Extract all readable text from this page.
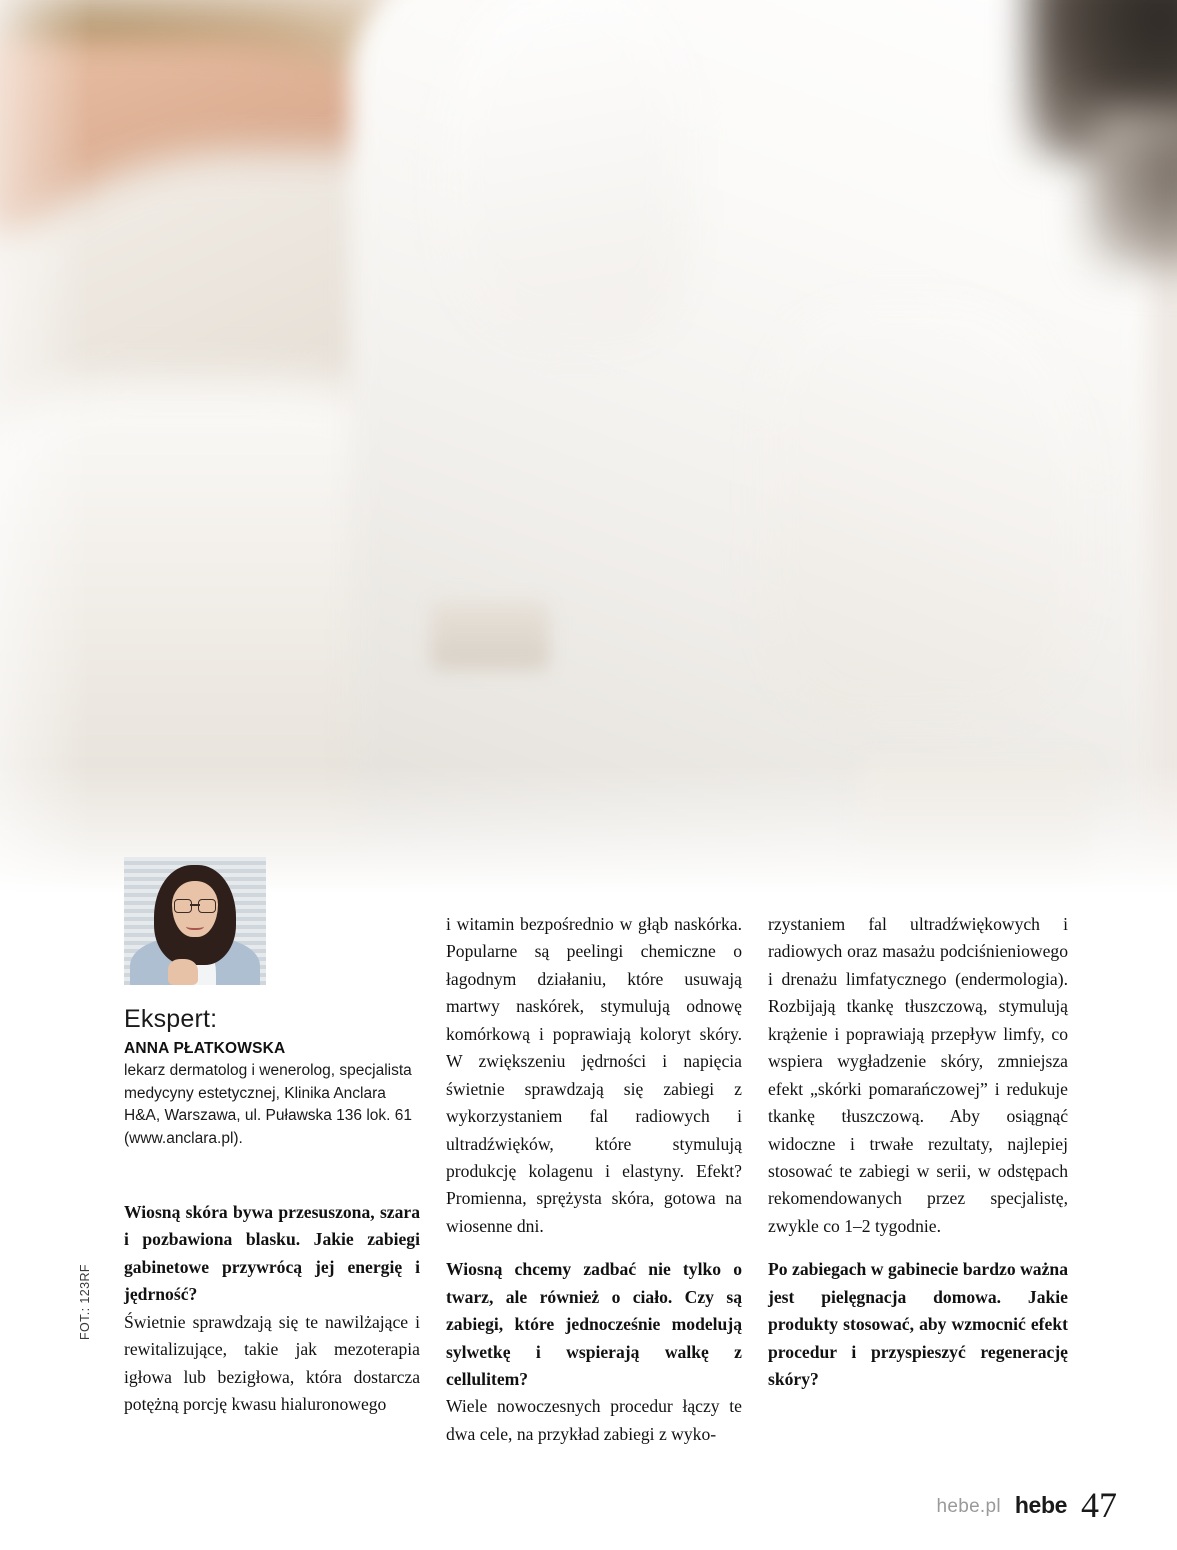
Ekspert:
ANNA PŁATKOWSKA
lekarz dermatolog i wenerolog, specjalista medycyny estetycznej, Klinika Anclara H&A, Warszawa, ul. Puławska 136 lok. 61 (www.anclara.pl).

Wiosną skóra bywa przesuszona, szara i pozbawiona blasku. Jakie zabiegi gabinetowe przywrócą jej energię i jędrność?
Świetnie sprawdzają się te nawilżające i rewitalizujące, takie jak mezoterapia igłowa lub bezigłowa, która dostarcza potężną porcję kwasu hialuronowego

i witamin bezpośrednio w głąb naskórka. Popularne są peelingi chemiczne o łagodnym działaniu, które usuwają martwy naskórek, stymulują odnowę komórkową i poprawiają koloryt skóry. W zwiększeniu jędrności i napięcia świetnie sprawdzają się zabiegi z wykorzystaniem fal radiowych i ultradźwięków, które stymulują produkcję kolagenu i elastyny. Efekt? Promienna, sprężysta skóra, gotowa na wiosenne dni.

Wiosną chcemy zadbać nie tylko o twarz, ale również o ciało. Czy są zabiegi, które jednocześnie modelują sylwetkę i wspierają walkę z cellulitem?
Wiele nowoczesnych procedur łączy te dwa cele, na przykład zabiegi z wyko-

rzystaniem fal ultradźwiękowych i radiowych oraz masażu podciśnieniowego i drenażu limfatycznego (endermologia). Rozbijają tkankę tłuszczową, stymulują krążenie i poprawiają przepływ limfy, co wspiera wygładzenie skóry, zmniejsza efekt „skórki pomarańczowej” i redukuje tkankę tłuszczową. Aby osiągnąć widoczne i trwałe rezultaty, najlepiej stosować te zabiegi w serii, w odstępach rekomendowanych przez specjalistę, zwykle co 1–2 tygodnie.

Po zabiegach w gabinecie bardzo ważna jest pielęgnacja domowa. Jakie produkty stosować, aby wzmocnić efekt procedur i przyspieszyć regenerację skóry?

FOT.: 123RF
hebe.pl hebe 47
